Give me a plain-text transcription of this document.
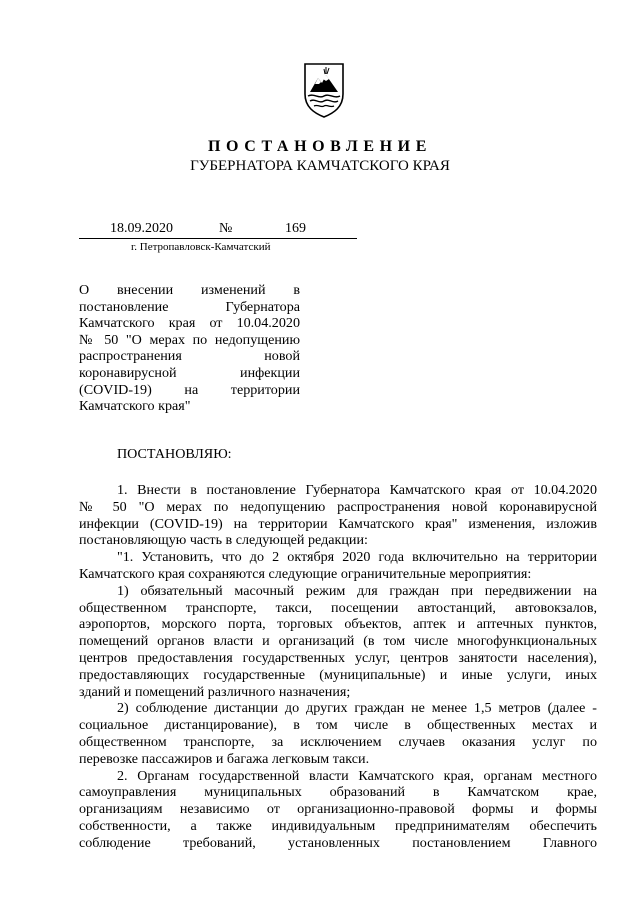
ПОСТАНОВЛЕНИЕ
ГУБЕРНАТОРА КАМЧАТСКОГО КРАЯ
18.09.2020	№	169
г. Петропавловск-Камчатский
О внесении изменений в
постановление Губернатора
Камчатского края от 10.04.2020
№ 50 "О мерах по недопущению
распространения новой
коронавирусной инфекции
(COVID-19) на территории
Камчатского края"
ПОСТАНОВЛЯЮ:
1. Внести в постановление Губернатора Камчатского края от 10.04.2020
№ 50 "О мерах по недопущению распространения новой коронавирусной
инфекции (COVID-19) на территории Камчатского края" изменения, изложив
постановляющую часть в следующей редакции:
"1. Установить, что до 2 октября 2020 года включительно на территории
Камчатского края сохраняются следующие ограничительные мероприятия:
1) обязательный масочный режим для граждан при передвижении на
общественном транспорте, такси, посещении автостанций, автовокзалов,
аэропортов, морского порта, торговых объектов, аптек и аптечных пунктов,
помещений органов власти и организаций (в том числе многофункциональных
центров предоставления государственных услуг, центров занятости населения),
предоставляющих государственные (муниципальные) и иные услуги, иных
зданий и помещений различного назначения;
2) соблюдение дистанции до других граждан не менее 1,5 метров (далее -
социальное дистанцирование), в том числе в общественных местах и
общественном транспорте, за исключением случаев оказания услуг по
перевозке пассажиров и багажа легковым такси.
2. Органам государственной власти Камчатского края, органам местного
самоуправления муниципальных образований в Камчатском крае,
организациям независимо от организационно-правовой формы и формы
собственности, а также индивидуальным предпринимателям обеспечить
соблюдение требований, установленных постановлением Главного
